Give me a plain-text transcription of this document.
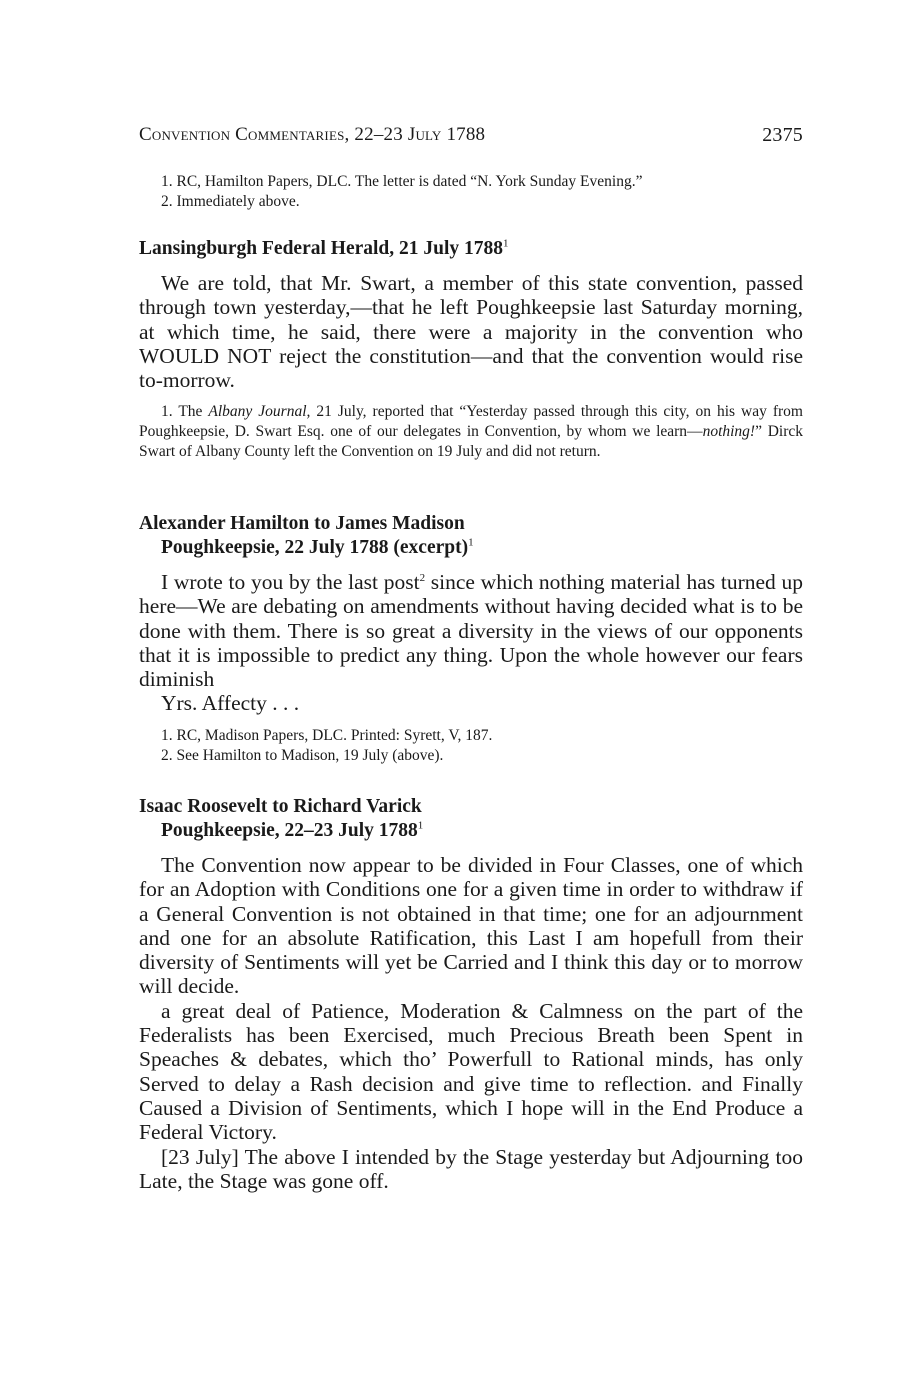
Convention Commentaries, 22–23 July 1788	2375

1. RC, Hamilton Papers, DLC. The letter is dated “N. York Sunday Evening.”

2. Immediately above.

Lansingburgh Federal Herald, 21 July 1788$^1$

We are told, that Mr. Swart, a member of this state convention, passed through town yesterday,—that he left Poughkeepsie last Saturday morning, at which time, he said, there were a majority in the convention who WOULD NOT reject the constitution—and that the convention would rise to-morrow.

1. The Albany Journal, 21 July, reported that “Yesterday passed through this city, on his way from Poughkeepsie, D. Swart Esq. one of our delegates in Convention, by whom we learn—nothing!” Dirck Swart of Albany County left the Convention on 19 July and did not return.

Alexander Hamilton to James Madison
Poughkeepsie, 22 July 1788 (excerpt)$^1$

I wrote to you by the last post$^2$ since which nothing material has turned up here—We are debating on amendments without having decided what is to be done with them. There is so great a diversity in the views of our opponents that it is impossible to predict any thing. Upon the whole however our fears diminish

Yrs. Affecty . . .

1. RC, Madison Papers, DLC. Printed: Syrett, V, 187.

2. See Hamilton to Madison, 19 July (above).

Isaac Roosevelt to Richard Varick
Poughkeepsie, 22–23 July 1788$^1$

The Convention now appear to be divided in Four Classes, one of which for an Adoption with Conditions one for a given time in order to withdraw if a General Convention is not obtained in that time; one for an adjournment and one for an absolute Ratification, this Last I am hopefull from their diversity of Sentiments will yet be Carried and I think this day or to morrow will decide.

a great deal of Patience, Moderation & Calmness on the part of the Federalists has been Exercised, much Precious Breath been Spent in Speaches & debates, which tho’ Powerfull to Rational minds, has only Served to delay a Rash decision and give time to reflection. and Finally Caused a Division of Sentiments, which I hope will in the End Produce a Federal Victory.

[23 July] The above I intended by the Stage yesterday but Adjourning too Late, the Stage was gone off.
